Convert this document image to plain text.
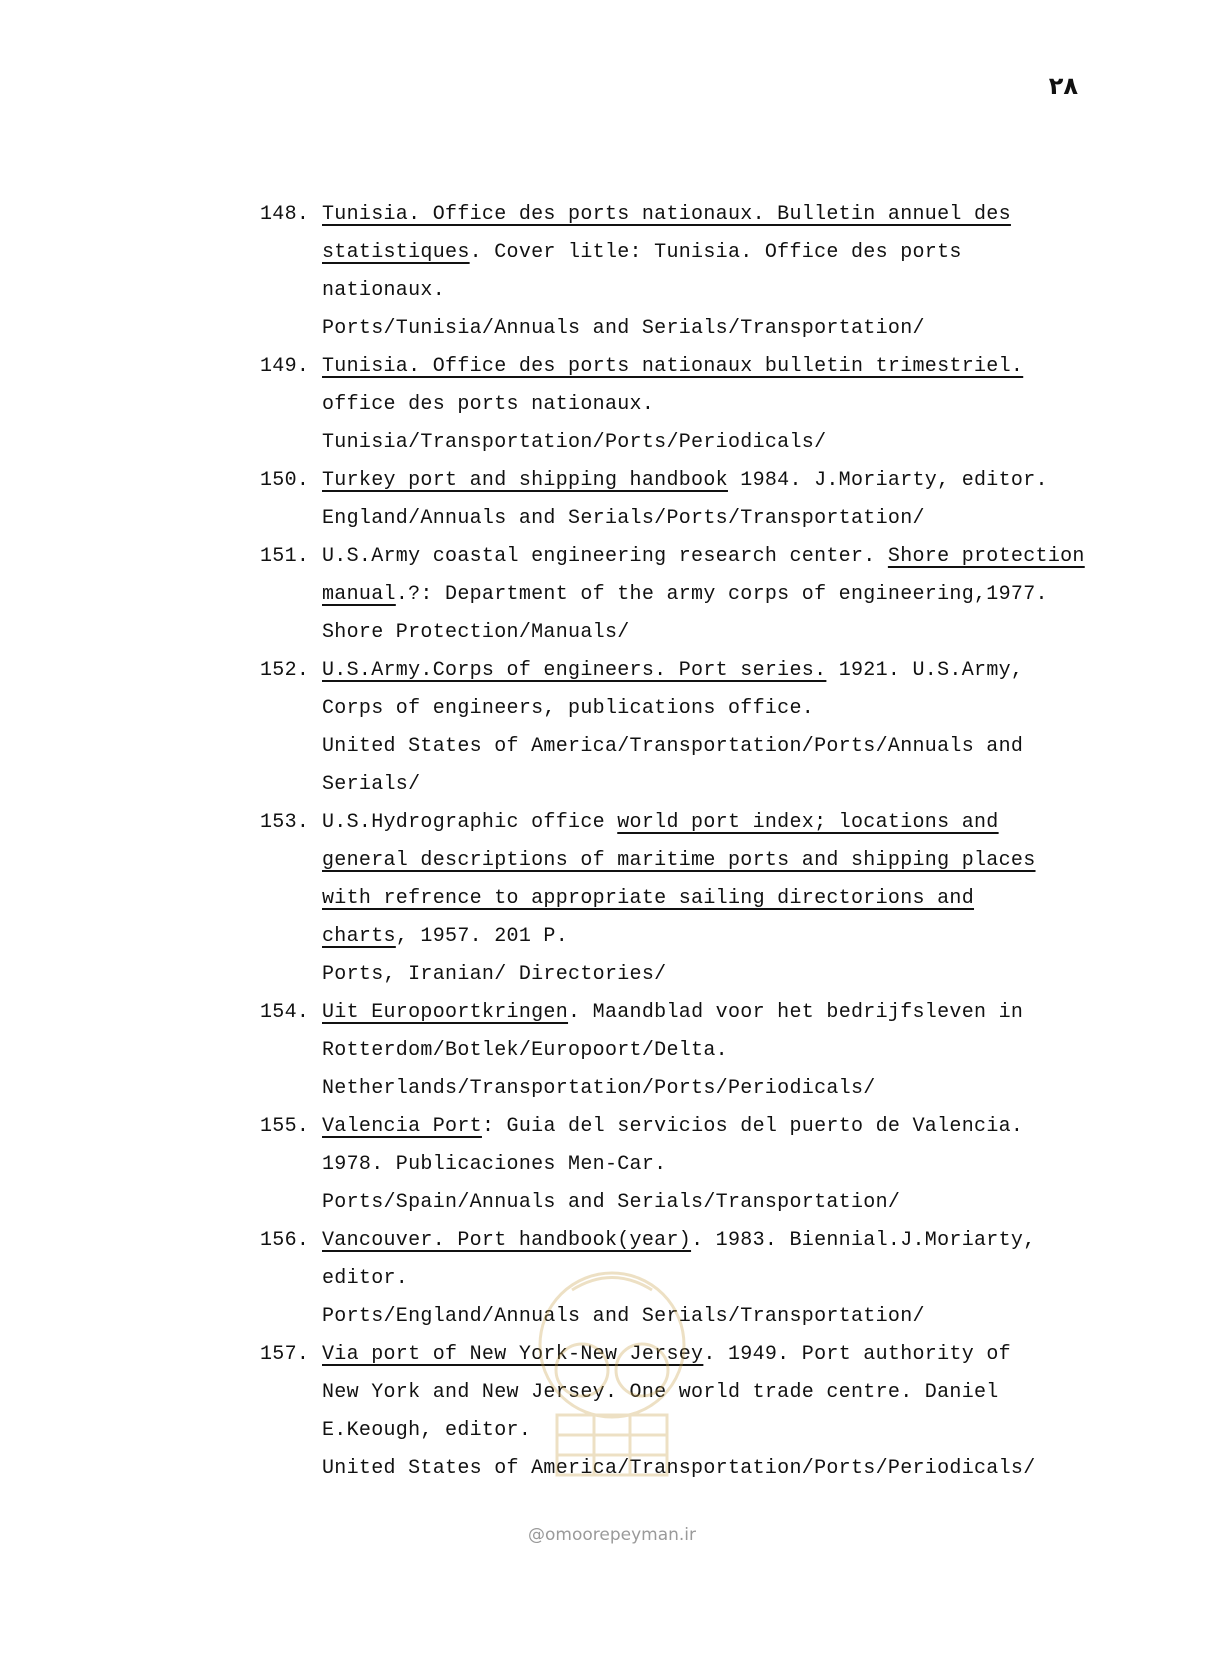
۲۸
148. Tunisia. Office des ports nationaux. Bulletin annuel des
statistiques. Cover litle: Tunisia. Office des ports
nationaux.
Ports/Tunisia/Annuals and Serials/Transportation/
149. Tunisia. Office des ports nationaux bulletin trimestriel.
office des ports nationaux.
Tunisia/Transportation/Ports/Periodicals/
150. Turkey port and shipping handbook 1984. J.Moriarty, editor.
England/Annuals and Serials/Ports/Transportation/
151. U.S.Army coastal engineering research center. Shore protection
manual.?: Department of the army corps of engineering,1977.
Shore Protection/Manuals/
152. U.S.Army.Corps of engineers. Port series. 1921. U.S.Army,
Corps of engineers, publications office.
United States of America/Transportation/Ports/Annuals and
Serials/
153. U.S.Hydrographic office world port index; locations and
general descriptions of maritime ports and shipping places
with refrence to appropriate sailing directorions and
charts, 1957. 201 P.
Ports, Iranian/ Directories/
154. Uit Europoortkringen. Maandblad voor het bedrijfsleven in
Rotterdom/Botlek/Europoort/Delta.
Netherlands/Transportation/Ports/Periodicals/
155. Valencia Port: Guia del servicios del puerto de Valencia.
1978. Publicaciones Men-Car.
Ports/Spain/Annuals and Serials/Transportation/
156. Vancouver. Port handbook(year). 1983. Biennial.J.Moriarty,
editor.
Ports/England/Annuals and Serials/Transportation/
157. Via port of New York-New Jersey. 1949. Port authority of
New York and New Jersey. One world trade centre. Daniel
E.Keough, editor.
United States of America/Transportation/Ports/Periodicals/
@omoorepeyman.ir
